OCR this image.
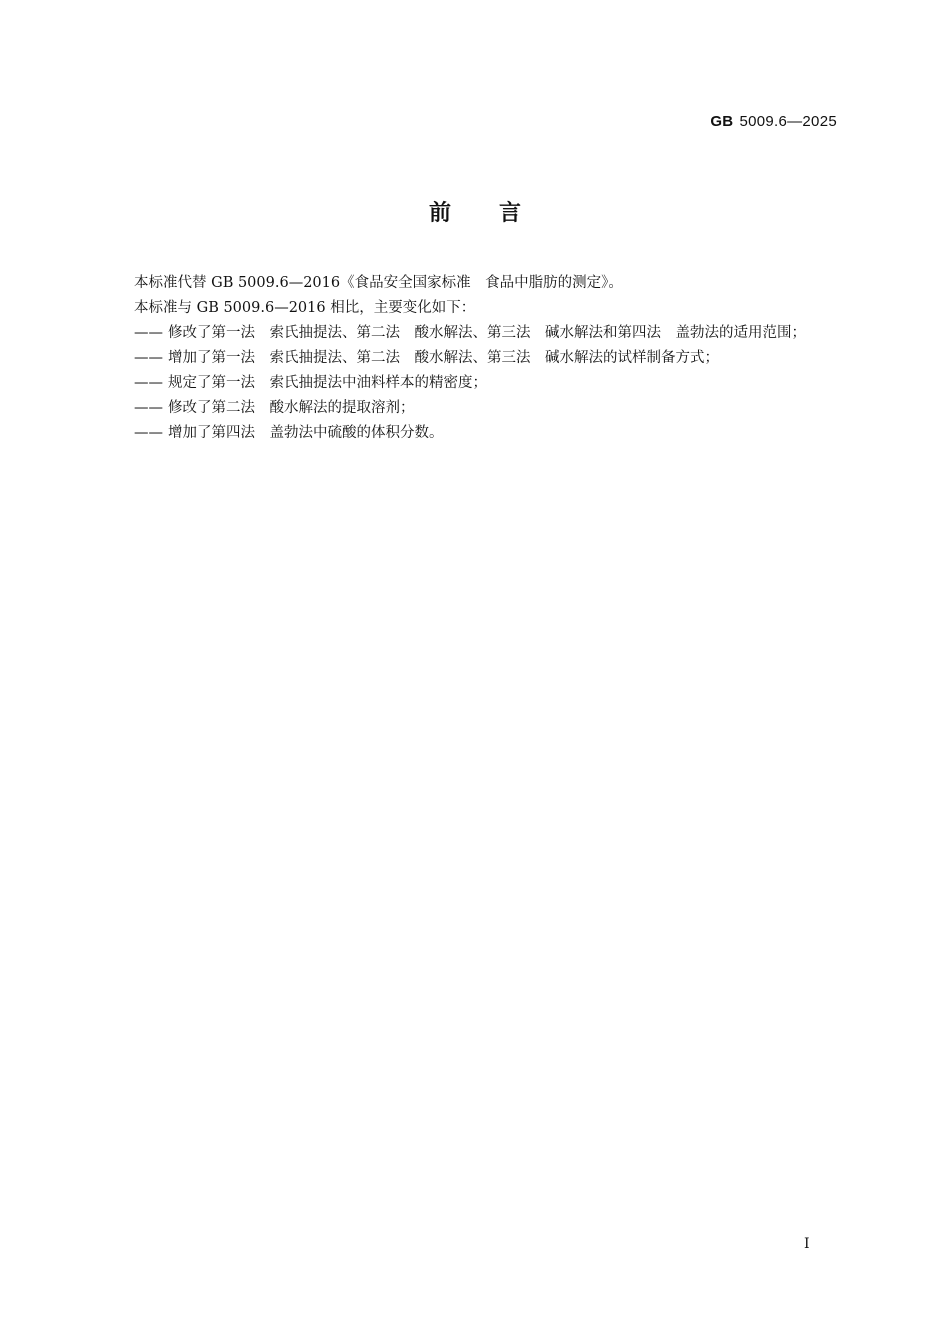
GB 5009.6—2025
前言

本标准代替 GB 5009.6—2016《食品安全国家标准　食品中脂肪的测定》。

本标准与 GB 5009.6—2016 相比，主要变化如下：

—— 修改了第一法　索氏抽提法、第二法　酸水解法、第三法　碱水解法和第四法　盖勃法的适用范围；
—— 增加了第一法　索氏抽提法、第二法　酸水解法、第三法　碱水解法的试样制备方式；
—— 规定了第一法　索氏抽提法中油料样本的精密度；
—— 修改了第二法　酸水解法的提取溶剂；
—— 增加了第四法　盖勃法中硫酸的体积分数。
I
